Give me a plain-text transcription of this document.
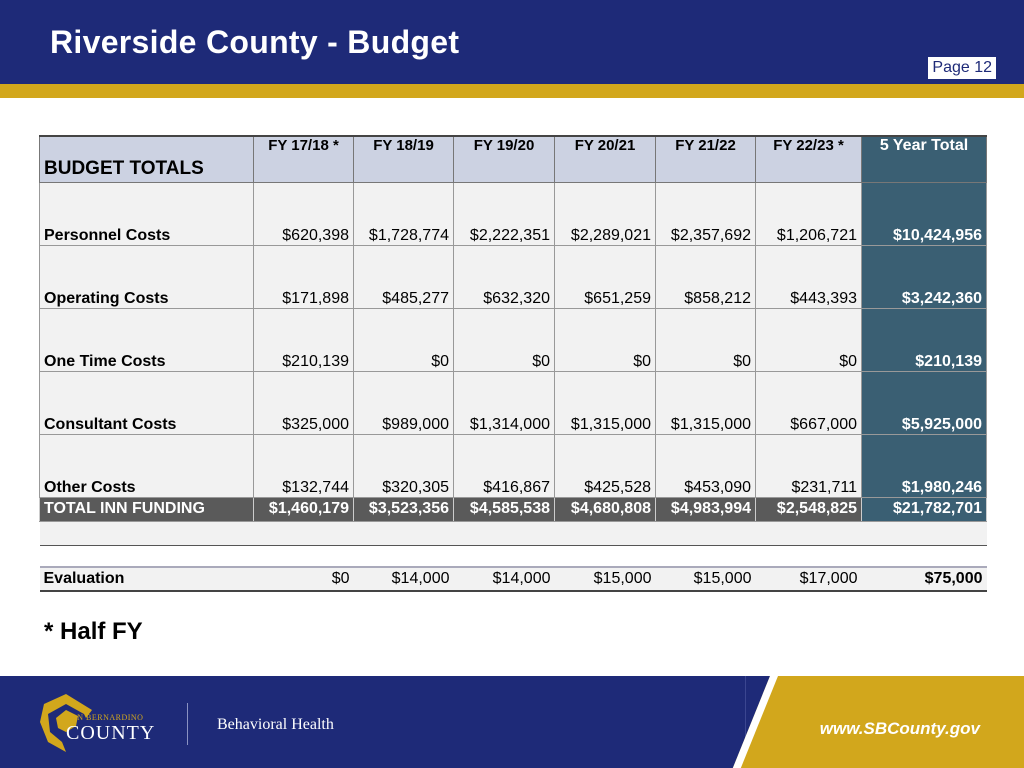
Riverside County - Budget
Page 12
BUDGET TOTALS	FY 17/18 *	FY 18/19	FY 19/20	FY 20/21	FY 21/22	FY 22/23 *	5 Year Total
Personnel Costs	$620,398	$1,728,774	$2,222,351	$2,289,021	$2,357,692	$1,206,721	$10,424,956
Operating Costs	$171,898	$485,277	$632,320	$651,259	$858,212	$443,393	$3,242,360
One Time Costs	$210,139	$0	$0	$0	$0	$0	$210,139
Consultant Costs	$325,000	$989,000	$1,314,000	$1,315,000	$1,315,000	$667,000	$5,925,000
Other Costs	$132,744	$320,305	$416,867	$425,528	$453,090	$231,711	$1,980,246
TOTAL INN FUNDING	$1,460,179	$3,523,356	$4,585,538	$4,680,808	$4,983,994	$2,548,825	$21,782,701

Evaluation	$0	$14,000	$14,000	$15,000	$15,000	$17,000	$75,000
* Half FY
SAN BERNARDINO
COUNTY	Behavioral Health	www.SBCounty.gov
